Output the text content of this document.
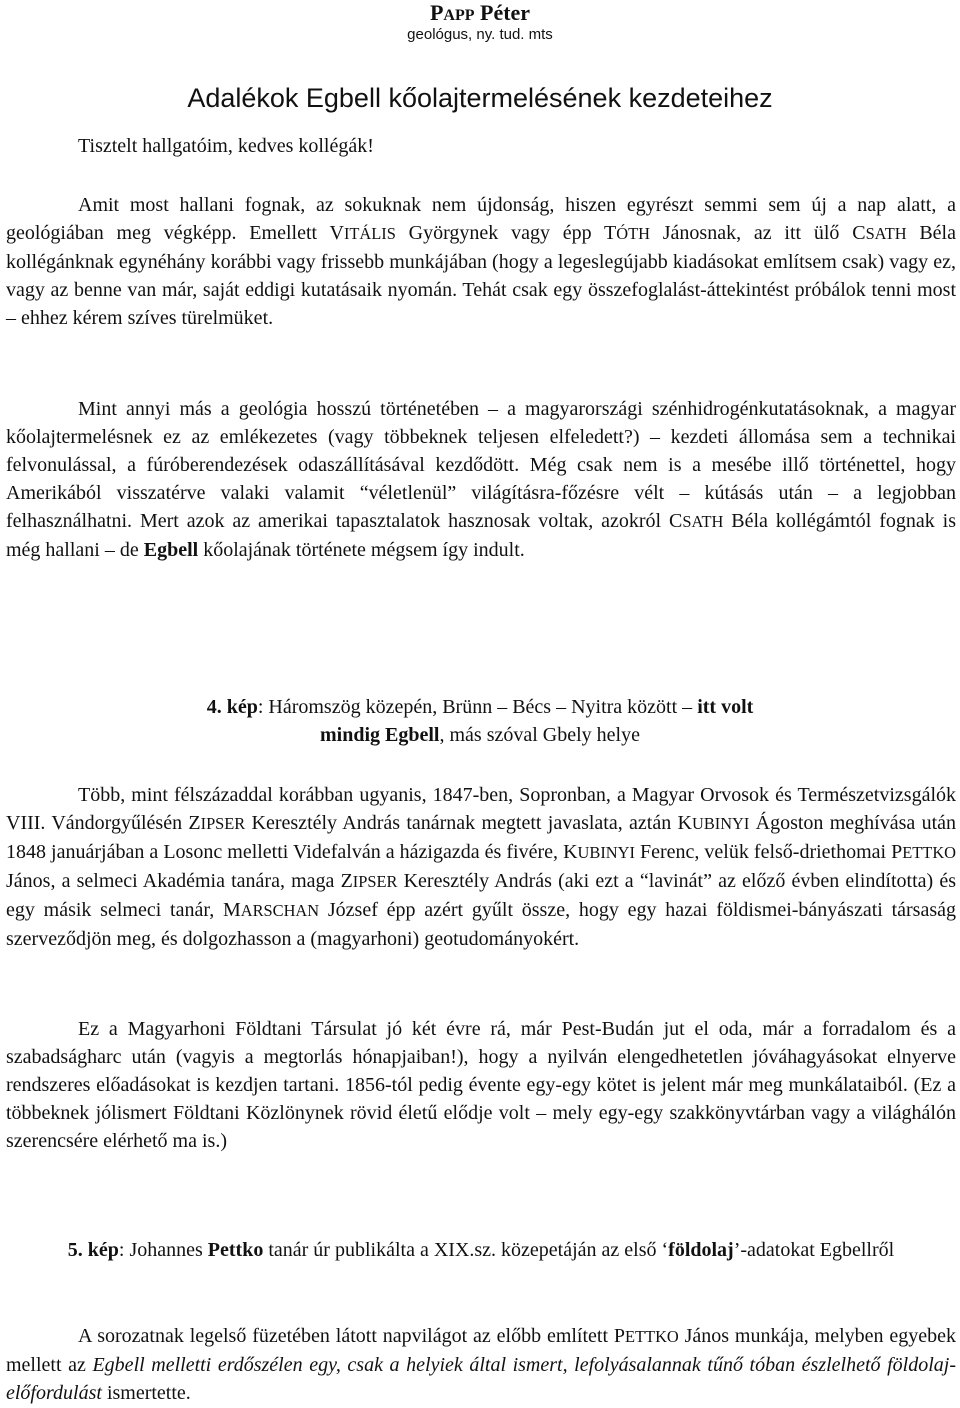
PAPP Péter
geológus, ny. tud. mts
Adalékok Egbell kőolajtermelésének kezdeteihez
Tisztelt hallgatóim, kedves kollégák!
Amit most hallani fognak, az sokuknak nem újdonság, hiszen egyrészt semmi sem új a nap alatt, a geológiában meg végképp. Emellett VITÁLIS Györgynek vagy épp TÓTH Jánosnak, az itt ülő CSATH Béla kollégánknak egynéhány korábbi vagy frissebb munkájában (hogy a legeslegújabb kiadásokat említsem csak) vagy ez, vagy az benne van már, saját eddigi kutatásaik nyomán. Tehát csak egy összefoglalást-áttekintést próbálok tenni most – ehhez kérem szíves türelmüket.
Mint annyi más a geológia hosszú történetében – a magyarországi szénhidrogénkutatásoknak, a magyar kőolajtermelésnek ez az emlékezetes (vagy többeknek teljesen elfeledett?) – kezdeti állomása sem a technikai felvonulással, a fúróberendezések odaszállításával kezdődött. Még csak nem is a mesébe illő történettel, hogy Amerikából visszatérve valaki valamit “véletlenül” világításra-főzésre vélt – kútásás után – a legjobban felhasználhatni. Mert azok az amerikai tapasztalatok hasznosak voltak, azokról CSATH Béla kollégámtól fognak is még hallani – de Egbell kőolajának története mégsem így indult.
4. kép: Háromszög közepén, Brünn – Bécs – Nyitra között – itt volt mindig Egbell, más szóval Gbely helye
Több, mint félszázaddal korábban ugyanis, 1847-ben, Sopronban, a Magyar Orvosok és Természetvizsgálók VIII. Vándorgyűlésén ZIPSER Keresztély András tanárnak megtett javaslata, aztán KUBINYI Ágoston meghívása után 1848 januárjában a Losonc melletti Videfalván a házigazda és fivére, KUBINYI Ferenc, velük felső-driethomai PETTKO János, a selmeci Akadémia tanára, maga ZIPSER Keresztély András (aki ezt a “lavinát” az előző évben elindította) és egy másik selmeci tanár, MARSCHAN József épp azért gyűlt össze, hogy egy hazai földismei-bányászati társaság szerveződjön meg, és dolgozhasson a (magyarhoni) geotudományokért.
Ez a Magyarhoni Földtani Társulat jó két évre rá, már Pest-Budán jut el oda, már a forradalom és a szabadságharc után (vagyis a megtorlás hónapjaiban!), hogy a nyilván elengedhetetlen jóváhagyásokat elnyerve rendszeres előadásokat is kezdjen tartani. 1856-tól pedig évente egy-egy kötet is jelent már meg munkálataiból. (Ez a többeknek jólismert Földtani Közlönynek rövid életű elődje volt – mely egy-egy szakkönyvtárban vagy a világhálón szerencsére elérhető ma is.)
5. kép: Johannes Pettko tanár úr publikálta a XIX.sz. közepetáján az első ‘földolaj’-adatokat Egbellről
A sorozatnak legelső füzetében látott napvilágot az előbb említett PETTKO János munkája, melyben egyebek mellett az Egbell melletti erdőszélen egy, csak a helyiek által ismert, lefolyásalannak tűnő tóban észlelhető földolaj-előfordulást ismertette.
